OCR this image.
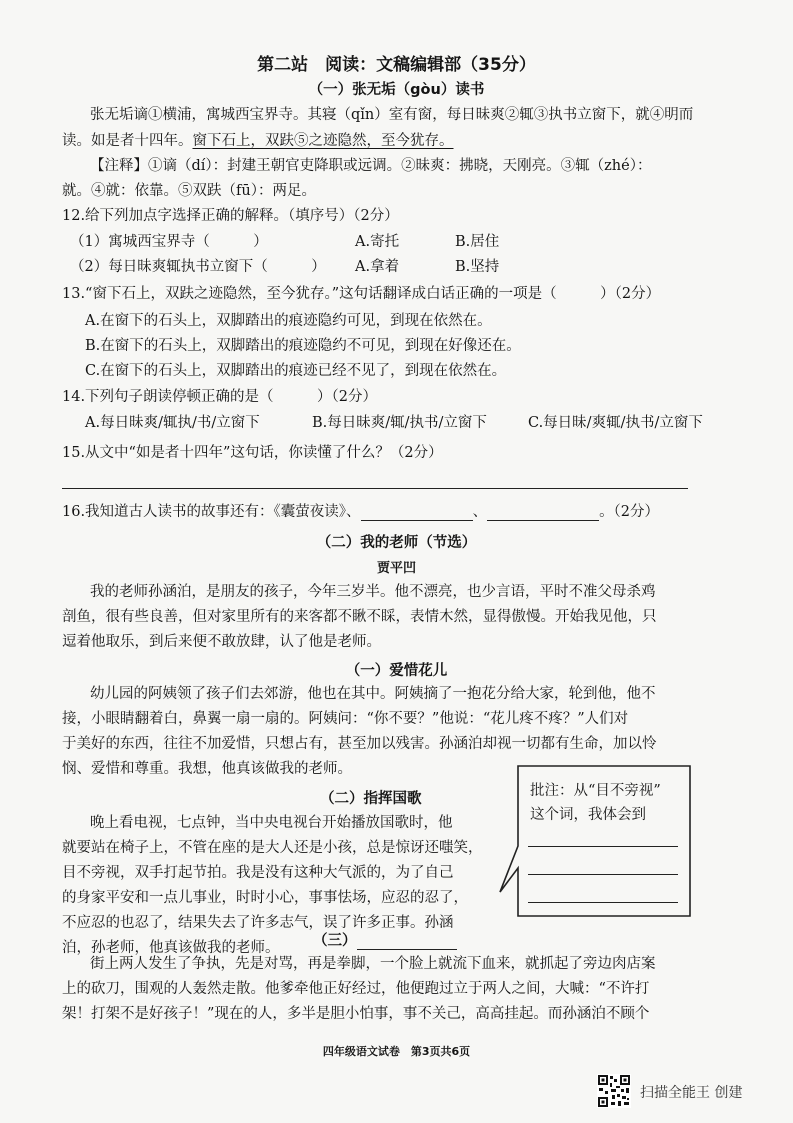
第二站　阅读：文稿编辑部（35分）
（一）张无垢（gòu）读书
张无垢谪①横浦，寓城西宝界寺。其寝（qǐn）室有窗，每日昧爽②辄③执书立窗下，就④明而
读。如是者十四年。窗下石上，双趺⑤之迹隐然，至今犹存。
【注释】①谪（dí）：封建王朝官吏降职或远调。②昧爽：拂晓，天刚亮。③辄（zhé）：
就。④就：依靠。⑤双趺（fū）：两足。
12.给下列加点字选择正确的解释。（填序号）（2分）
（1）寓城西宝界寺（　　　）	A.寄托	B.居住
（2）每日昧爽辄执书立窗下（　　　） A.拿着	B.坚持
13.“窗下石上，双趺之迹隐然，至今犹存。”这句话翻译成白话正确的一项是（　　　）（2分）
A.在窗下的石头上，双脚踏出的痕迹隐约可见，到现在依然在。
B.在窗下的石头上，双脚踏出的痕迹隐约不可见，到现在好像还在。
C.在窗下的石头上，双脚踏出的痕迹已经不见了，到现在依然在。
14.下列句子朗读停顿正确的是（　　　）（2分）
A.每日昧爽/辄执/书/立窗下	B.每日昧爽/辄/执书/立窗下	C.每日昧/爽辄/执书/立窗下
15.从文中“如是者十四年”这句话，你读懂了什么？（2分）
16.我知道古人读书的故事还有：《囊萤夜读》、	、	。（2分）
（二）我的老师（节选）
贾平凹
我的老师孙涵泊，是朋友的孩子，今年三岁半。他不漂亮，也少言语，平时不准父母杀鸡
剖鱼，很有些良善，但对家里所有的来客都不瞅不睬，表情木然，显得傲慢。开始我见他，只
逗着他取乐，到后来便不敢放肆，认了他是老师。
（一）爱惜花儿
幼儿园的阿姨领了孩子们去郊游，他也在其中。阿姨摘了一抱花分给大家，轮到他，他不
接，小眼睛翻着白，鼻翼一扇一扇的。阿姨问：“你不要？”他说：“花儿疼不疼？”人们对
于美好的东西，往往不加爱惜，只想占有，甚至加以残害。孙涵泊却视一切都有生命，加以怜
悯、爱惜和尊重。我想，他真该做我的老师。
（二）指挥国歌
晚上看电视，七点钟，当中央电视台开始播放国歌时，他
就要站在椅子上，不管在座的是大人还是小孩，总是惊讶还嗤笑，
目不旁视，双手打起节拍。我是没有这种大气派的，为了自己
的身家平安和一点儿事业，时时小心，事事怯场，应忍的忍了，
不应忍的也忍了，结果失去了许多志气，误了许多正事。孙涵
泊，孙老师，他真该做我的老师。
批注：从“目不旁视”
这个词，我体会到
（三）
街上两人发生了争执，先是对骂，再是拳脚，一个脸上就流下血来，就抓起了旁边肉店案
上的砍刀，围观的人轰然走散。他爹牵他正好经过，他便跑过立于两人之间，大喊：“不许打
架！打架不是好孩子！”现在的人，多半是胆小怕事，事不关己，高高挂起。而孙涵泊不顾个
四年级语文试卷　第3页共6页
扫描全能王 创建
